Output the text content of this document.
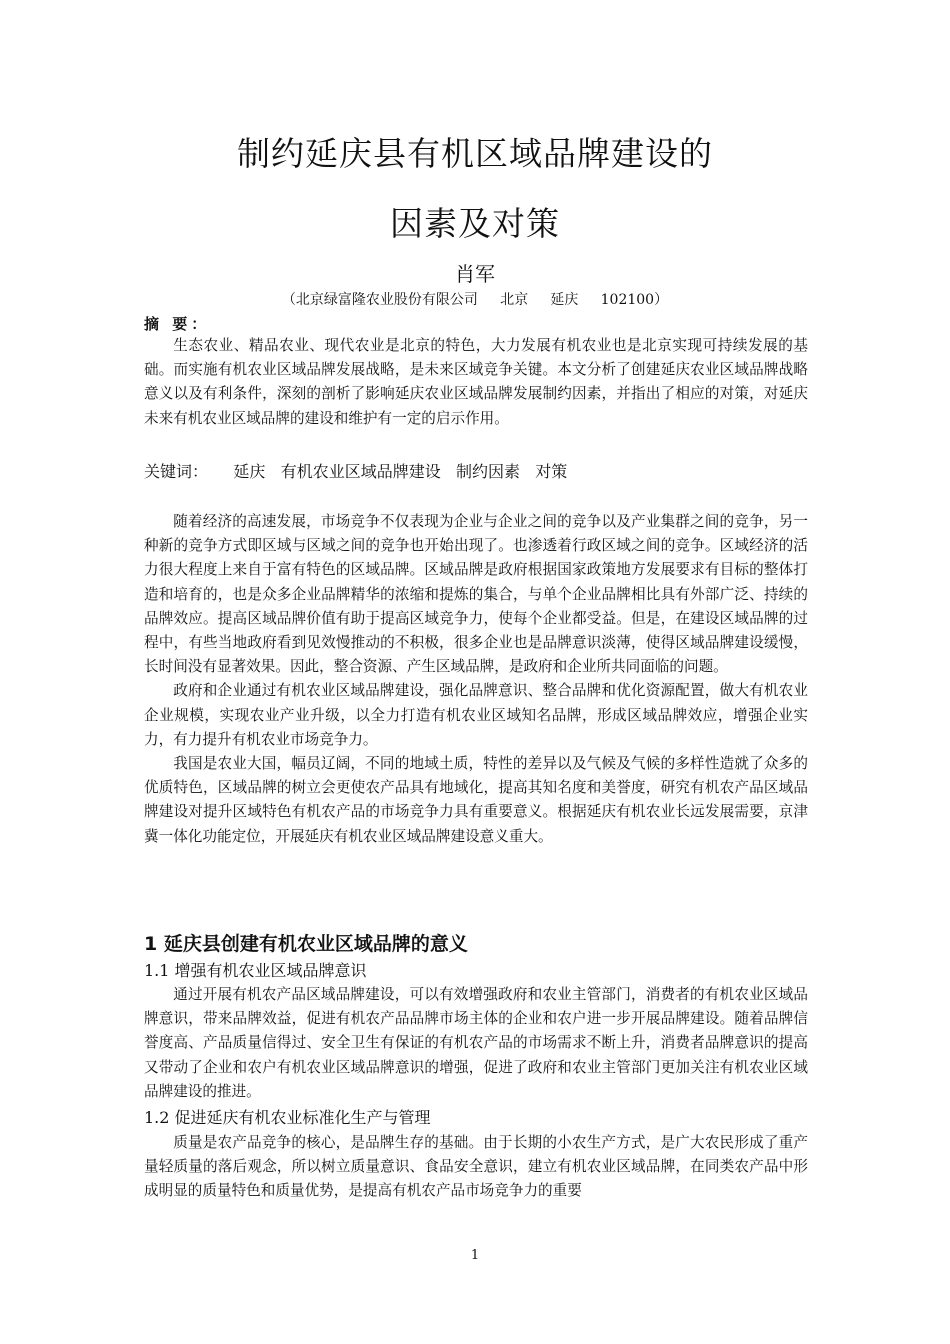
制约延庆县有机区域品牌建设的
因素及对策

肖军

（北京绿富隆农业股份有限公司     北京     延庆     102100）

摘 要：

生态农业、精品农业、现代农业是北京的特色，大力发展有机农业也是北京实现可持续发展的基础。而实施有机农业区域品牌发展战略，是未来区域竞争关键。本文分析了创建延庆农业区域品牌战略意义以及有利条件，深刻的剖析了影响延庆农业区域品牌发展制约因素，并指出了相应的对策，对延庆未来有机农业区域品牌的建设和维护有一定的启示作用。

关键词：     延庆   有机农业区域品牌建设   制约因素   对策

随着经济的高速发展，市场竞争不仅表现为企业与企业之间的竞争以及产业集群之间的竞争，另一种新的竞争方式即区域与区域之间的竞争也开始出现了。也渗透着行政区域之间的竞争。区域经济的活力很大程度上来自于富有特色的区域品牌。区域品牌是政府根据国家政策地方发展要求有目标的整体打造和培育的，也是众多企业品牌精华的浓缩和提炼的集合，与单个企业品牌相比具有外部广泛、持续的品牌效应。提高区域品牌价值有助于提高区域竞争力，使每个企业都受益。但是，在建设区域品牌的过程中，有些当地政府看到见效慢推动的不积极，很多企业也是品牌意识淡薄，使得区域品牌建设缓慢，长时间没有显著效果。因此，整合资源、产生区域品牌，是政府和企业所共同面临的问题。

政府和企业通过有机农业区域品牌建设，强化品牌意识、整合品牌和优化资源配置，做大有机农业企业规模，实现农业产业升级，以全力打造有机农业区域知名品牌，形成区域品牌效应，增强企业实力，有力提升有机农业市场竞争力。

我国是农业大国，幅员辽阔，不同的地域土质，特性的差异以及气候及气候的多样性造就了众多的优质特色，区域品牌的树立会更使农产品具有地域化，提高其知名度和美誉度，研究有机农产品区域品牌建设对提升区域特色有机农产品的市场竞争力具有重要意义。根据延庆有机农业长远发展需要，京津冀一体化功能定位，开展延庆有机农业区域品牌建设意义重大。

1 延庆县创建有机农业区域品牌的意义
1.1 增强有机农业区域品牌意识

通过开展有机农产品区域品牌建设，可以有效增强政府和农业主管部门，消费者的有机农业区域品牌意识，带来品牌效益，促进有机农产品品牌市场主体的企业和农户进一步开展品牌建设。随着品牌信誉度高、产品质量信得过、安全卫生有保证的有机农产品的市场需求不断上升，消费者品牌意识的提高又带动了企业和农户有机农业区域品牌意识的增强，促进了政府和农业主管部门更加关注有机农业区域品牌建设的推进。

1.2 促进延庆有机农业标准化生产与管理

质量是农产品竞争的核心，是品牌生存的基础。由于长期的小农生产方式，是广大农民形成了重产量轻质量的落后观念，所以树立质量意识、食品安全意识，建立有机农业区域品牌，在同类农产品中形成明显的质量特色和质量优势，是提高有机农产品市场竞争力的重要

1
